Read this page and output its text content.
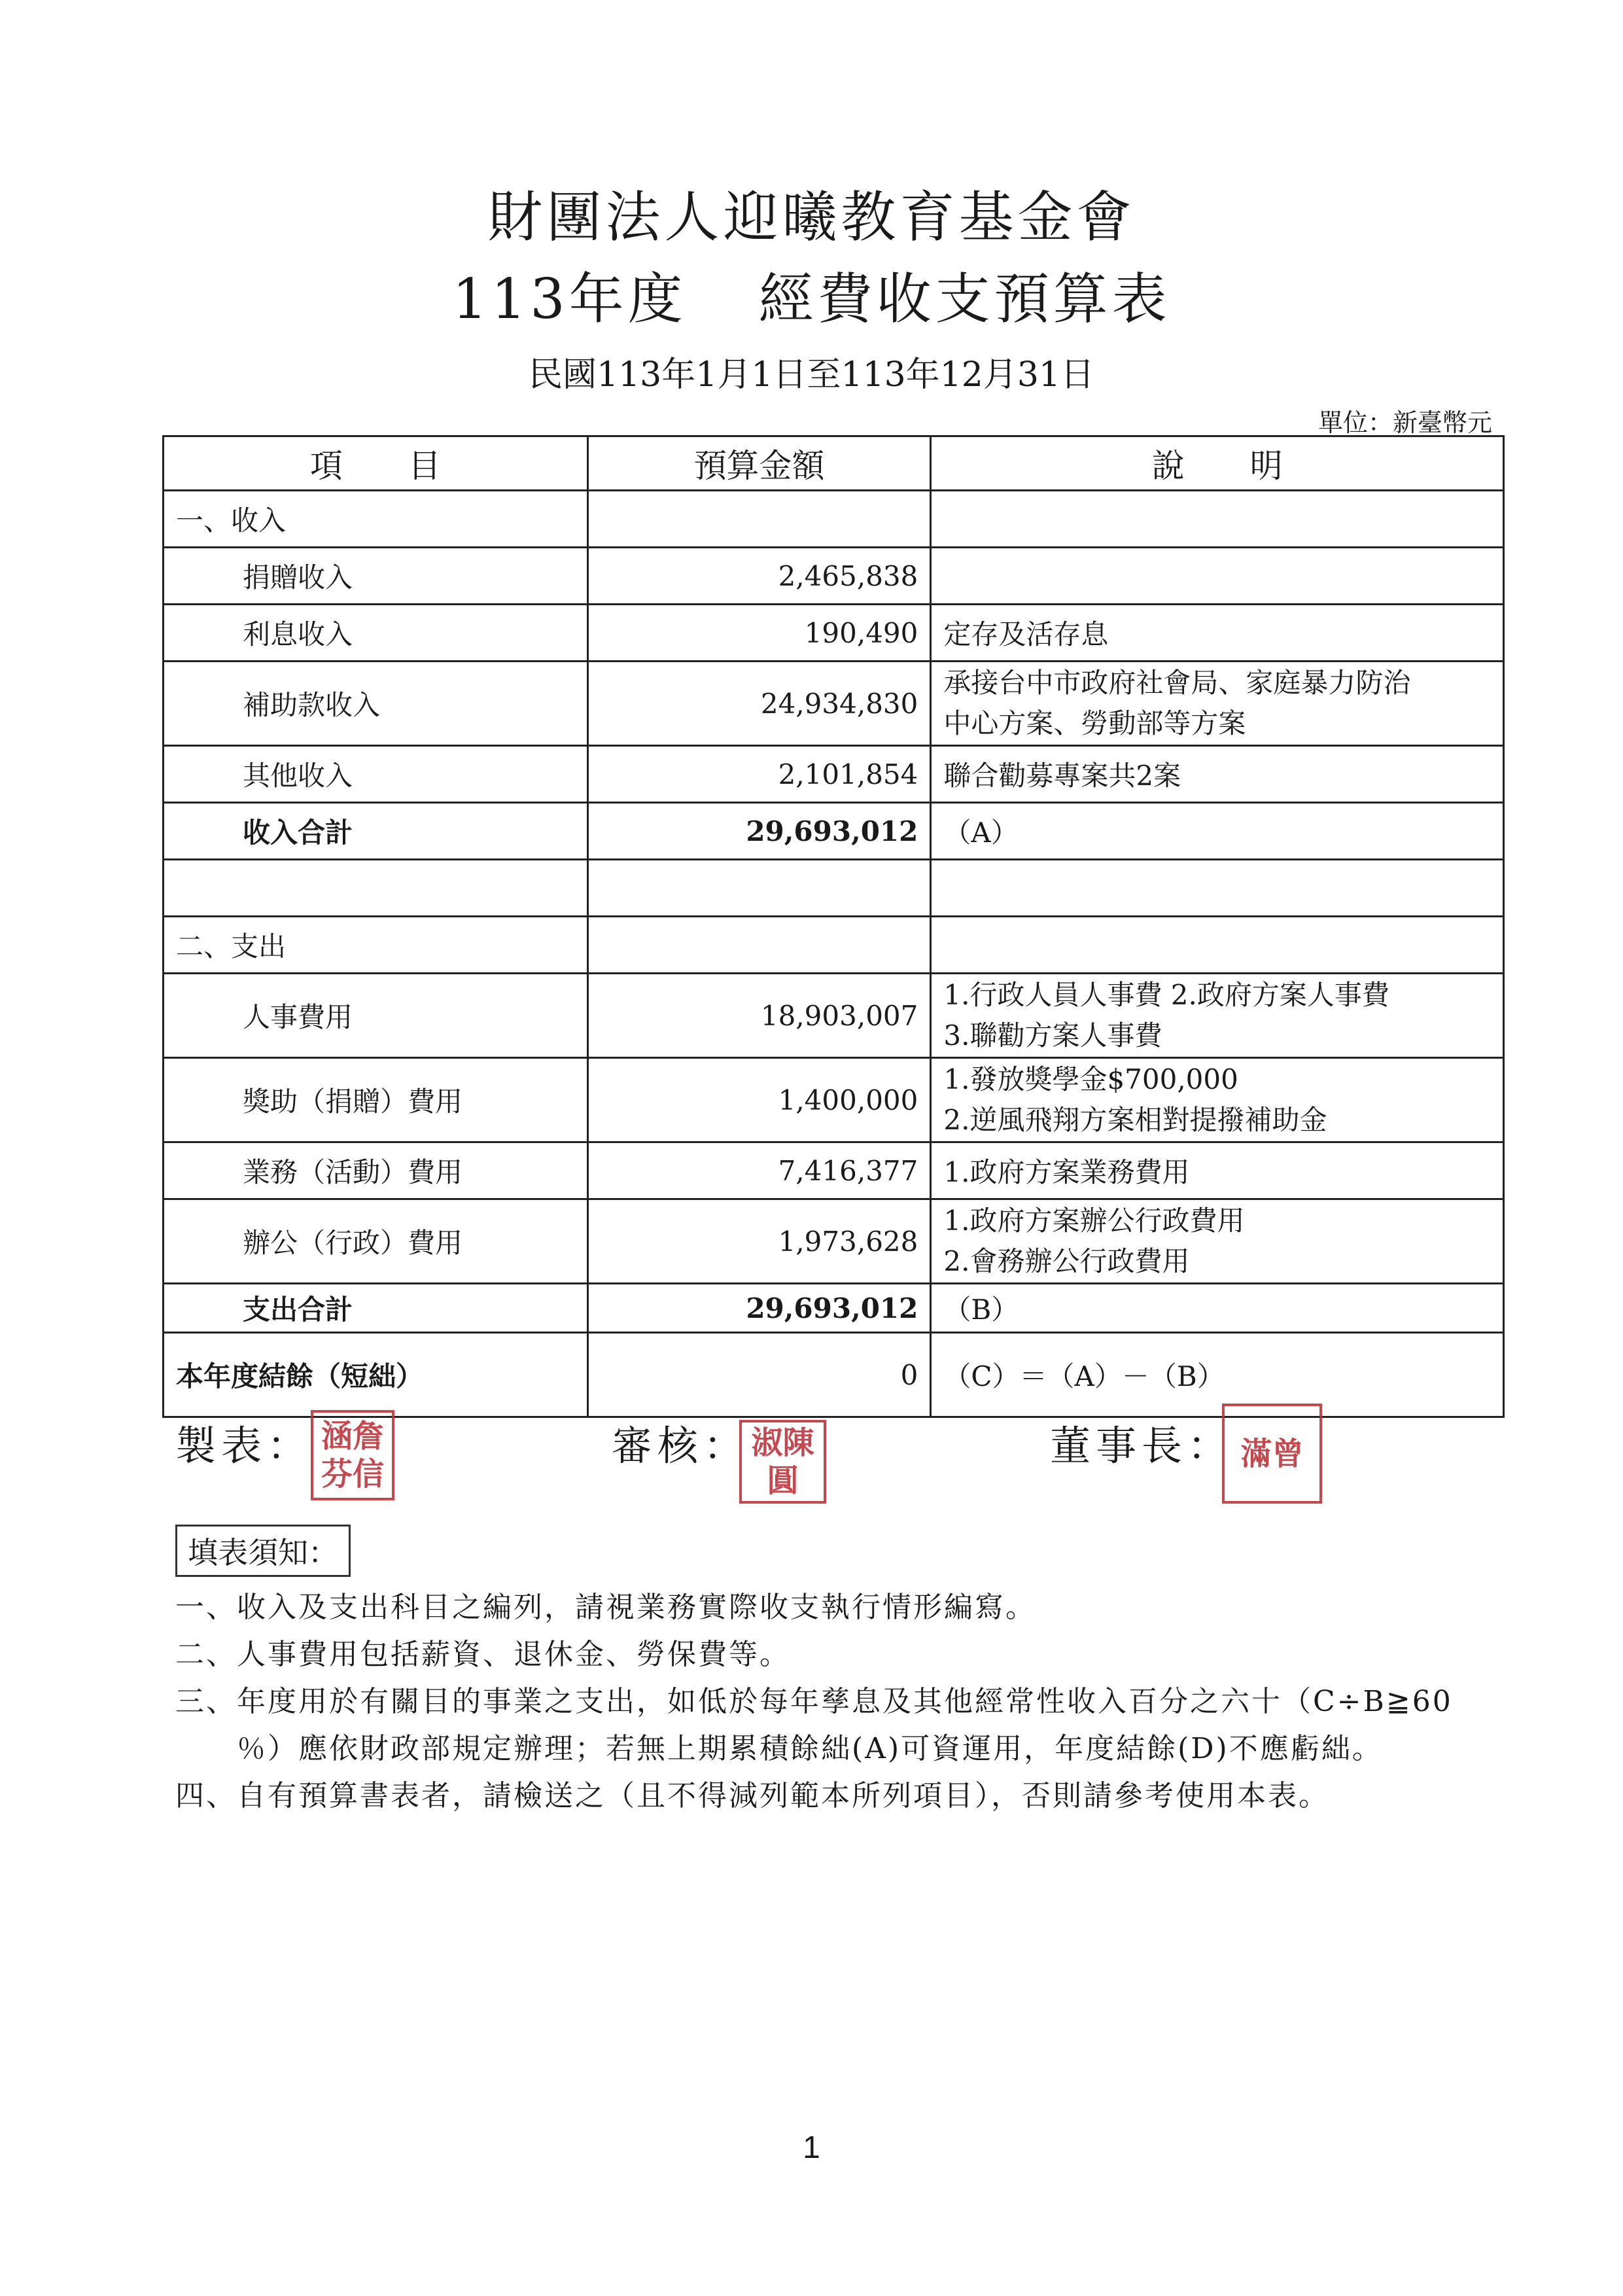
財團法人迎曦教育基金會
113年度 經費收支預算表
民國113年1月1日至113年12月31日
單位：新臺幣元
項　　目	預算金額	說　　明
一、收入		
捐贈收入	2,465,838	
利息收入	190,490	定存及活存息
補助款收入	24,934,830	承接台中市政府社會局、家庭暴力防治
中心方案、勞動部等方案

其他收入	2,101,854	聯合勸募專案共2案
收入合計	29,693,012	（A）

二、支出		
人事費用	18,903,007	1.行政人員人事費 2.政府方案人事費
3.聯勸方案人事費

獎助（捐贈）費用	1,400,000	1.發放獎學金$700,000
2.逆風飛翔方案相對提撥補助金

業務（活動）費用	7,416,377	1.政府方案業務費用
辦公（行政）費用	1,973,628	1.政府方案辦公行政費用
2.會務辦公行政費用

支出合計	29,693,012	（B）
本年度結餘（短絀）	0	（C）＝（A）－（B）
製表： 涵詹芬信
審核： 淑陳圓
董事長： 滿曾
填表須知：
一、收入及支出科目之編列，請視業務實際收支執行情形編寫。
二、人事費用包括薪資、退休金、勞保費等。
三、年度用於有關目的事業之支出，如低於每年孳息及其他經常性收入百分之六十（C÷B≧60
　　％）應依財政部規定辦理；若無上期累積餘絀(A)可資運用，年度結餘(D)不應虧絀。
四、自有預算書表者，請檢送之（且不得減列範本所列項目），否則請參考使用本表。
1
